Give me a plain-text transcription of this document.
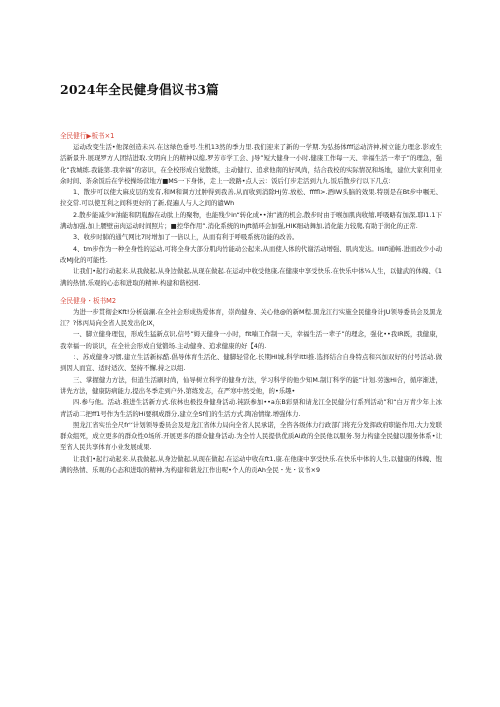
2024年全民健身倡议书3篇

全民健行▶板书×1

运动改变生活•他深创造未兴.在这绿色垂号.生机13然的季力里.我们迎来了新的一学期.为弘扬体fff运动济神,树立能力理念.影或生活新景升.展现罗方人团结进取.文明向上的精神以熄,罗芳市学工会、J导”短大健身一小时,健康工作每一天、幸福生活一辈子”的理急，强化“我城练.我能第.我幸福”的宓识，在全校形成自觉散练，主动健行、追求他南的好风尚，结合我校的实际情况和场地，建位大家利用业余时间、茶余饭后在学校操场营地方■MS一下身体，走上一段路•点人云：饭后仃步走活到九九.饭后散步行以下几点：

1、散步可以使大麻皮层的发有,和M和调方过肿得到我善,从而收到消除Hj劳.放松、ffffl>.酒IW头脑的效果.特别是在Bt步中嘱无、拉交常.可以使互利之间科更好的了新,促遍人与人之间的谴Wh

2.散步能减少lr油能和阴胤醇在动肽上的聚物，也能残少in“转化成••油”液的机会,散步时由于喉加肌肉收缩,呼吸略有加深,耶l1.1下满动加强,加上腰壁亩肉运动时间照片；■控华作用”.消化系统的lhjft循环会加强,HIK细动舞加,消化能力较爬,有助于润化的正常.

3、收步时肺的通气网比7时增加了一倍以上，从而有利于呼吸系统功能的改善。

4、tm步作为一种全身性的运动,可将全身大部分肌肉竹能动公起来,从而使人体的代谢活动增强、肌肉发达。lllifi通畅.进而改少小动改MJ化的可能性.

让我们•起行动起来.从我做起,从身边做起,从现在做起.在运动中收受他康,在健康中享受快乐.在快乐中体¼人生，以健武的体魄、《1满的热情,乐观的心态和进取的精神.构建和谐校园.

全民健身・板书M2

为进一步贯彻企Kft!分析崩涮.在全社会形成热爱体育，崇尚健身、关心他@的新M程.黑龙江行实施全民健身计JU领导委员会及黑龙江？?体丙局向全省人民发出化lX，

一、脚立健身理包，形成生猛新点识,信号”姆天健身一小时，fit喃工作制一天，幸福生活一辈子”的理念，强化••我IR既，我健康，我幸福一的谈识，在全社会形成自觉锻场.主动健身、追求健康的好【4的.

：、苏成健身习惯,建立生活新标酷.倡导体育生活化、健脚轻常化.长期Hl城,科学lttl推.选择结合自身特点和兴加双好的付号活动.做到因人而宜、适时适次、坚持不懈,持之以组.

三、掌握健力方法，但逍生活刷时尚，仙导树立科学的健身方法，学习科学的他少知M.制订科学的能“计划.劳逸Hi合，循序渐进，讲先方法，健康防病能力,提出冬季走到户外,第练发志，在严寒中然受他，的•乐趣•

四.参与他。活动.推进生活新方式.依林也极投身健身活动.钝跃参加••a东B彩票和请龙江全民健分行系列活动”和“白万青少年上冰青活动二把ff1号作为生活的Hi要纲成群分,建立全Sf们的生活方式.陶冶情缘.增强体力.

照龙江省实岳全尺fr'‘计划领导委员会及堤龙江省体力局向全省人民承诺，全咨各级体力行政部门将充分发挥政府职能作用,大力发联群众组死，成立更多的群众性0场所.开展更多的群众健身活动.为全竹人民提供优质Ai政的全民他以服务.努力构建全民健以服务体系•让至省人民共享体育小业发展成果.

让我们•起行动起来.从我做起,从身边做起,从现在做起.在运动中收在ft1,康.在他康中享受快乐.在快乐中体的人生,以健康的体魄、饱满的热情、乐观的心态和进取的精神,为构建和谐龙江作出呢•个人的贡Ah全民・先・议书×9
